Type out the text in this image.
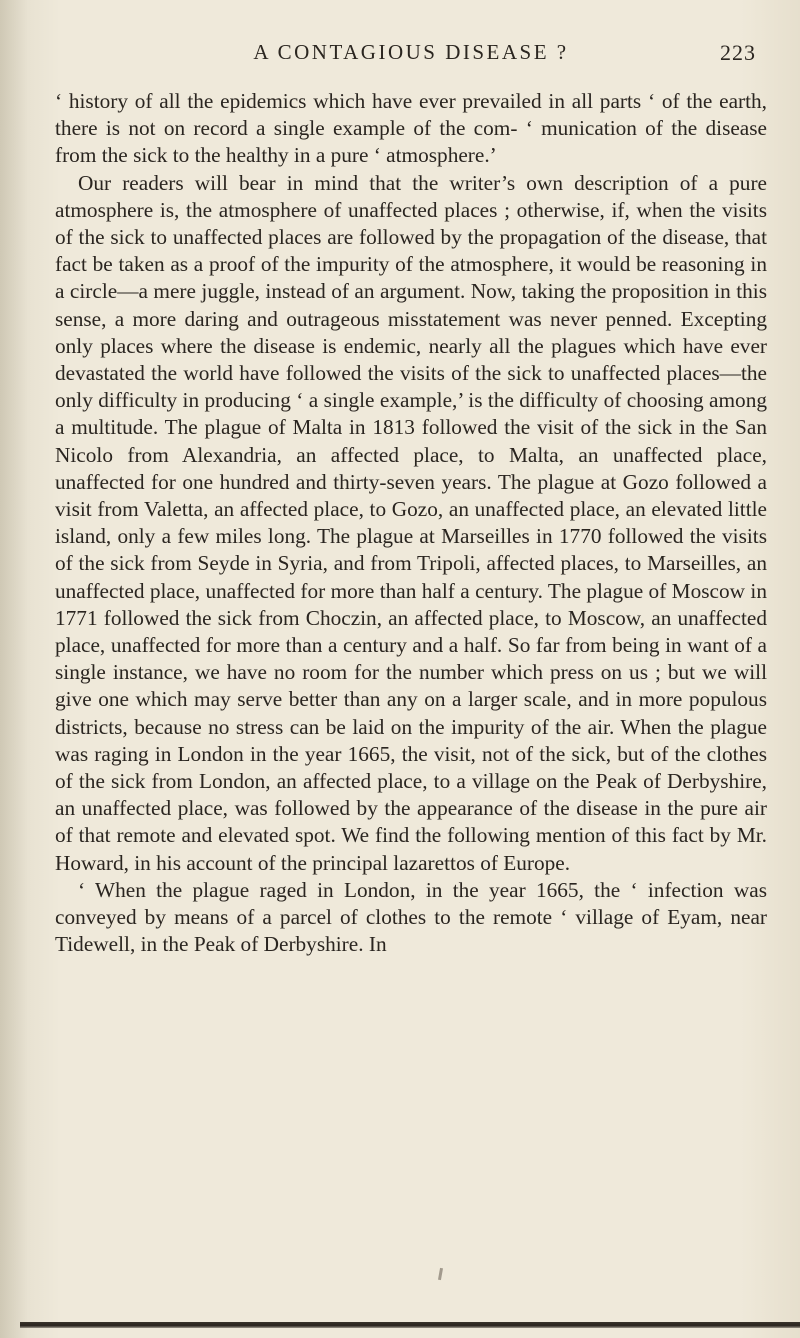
A CONTAGIOUS DISEASE ?	223

‘ history of all the epidemics which have ever prevailed in all parts ‘ of the earth, there is not on record a single example of the com- ‘ munication of the disease from the sick to the healthy in a pure ‘ atmosphere.’

Our readers will bear in mind that the writer’s own description of a pure atmosphere is, the atmosphere of unaffected places ; otherwise, if, when the visits of the sick to unaffected places are followed by the propagation of the disease, that fact be taken as a proof of the impurity of the atmosphere, it would be reasoning in a circle—a mere juggle, instead of an argument. Now, taking the proposition in this sense, a more daring and outrageous misstatement was never penned. Excepting only places where the disease is endemic, nearly all the plagues which have ever devastated the world have followed the visits of the sick to unaffected places—the only difficulty in producing ‘ a single example,’ is the difficulty of choosing among a multitude. The plague of Malta in 1813 followed the visit of the sick in the San Nicolo from Alexandria, an affected place, to Malta, an unaffected place, unaffected for one hundred and thirty-seven years. The plague at Gozo followed a visit from Valetta, an affected place, to Gozo, an unaffected place, an elevated little island, only a few miles long. The plague at Marseilles in 1770 followed the visits of the sick from Seyde in Syria, and from Tripoli, affected places, to Marseilles, an unaffected place, unaffected for more than half a century. The plague of Moscow in 1771 followed the sick from Choczin, an affected place, to Moscow, an unaffected place, unaffected for more than a century and a half. So far from being in want of a single instance, we have no room for the number which press on us ; but we will give one which may serve better than any on a larger scale, and in more populous districts, because no stress can be laid on the impurity of the air. When the plague was raging in London in the year 1665, the visit, not of the sick, but of the clothes of the sick from London, an affected place, to a village on the Peak of Derbyshire, an unaffected place, was followed by the appearance of the disease in the pure air of that remote and elevated spot. We find the following mention of this fact by Mr. Howard, in his account of the principal lazarettos of Europe.

‘ When the plague raged in London, in the year 1665, the ‘ infection was conveyed by means of a parcel of clothes to the remote ‘ village of Eyam, near Tidewell, in the Peak of Derbyshire. In
